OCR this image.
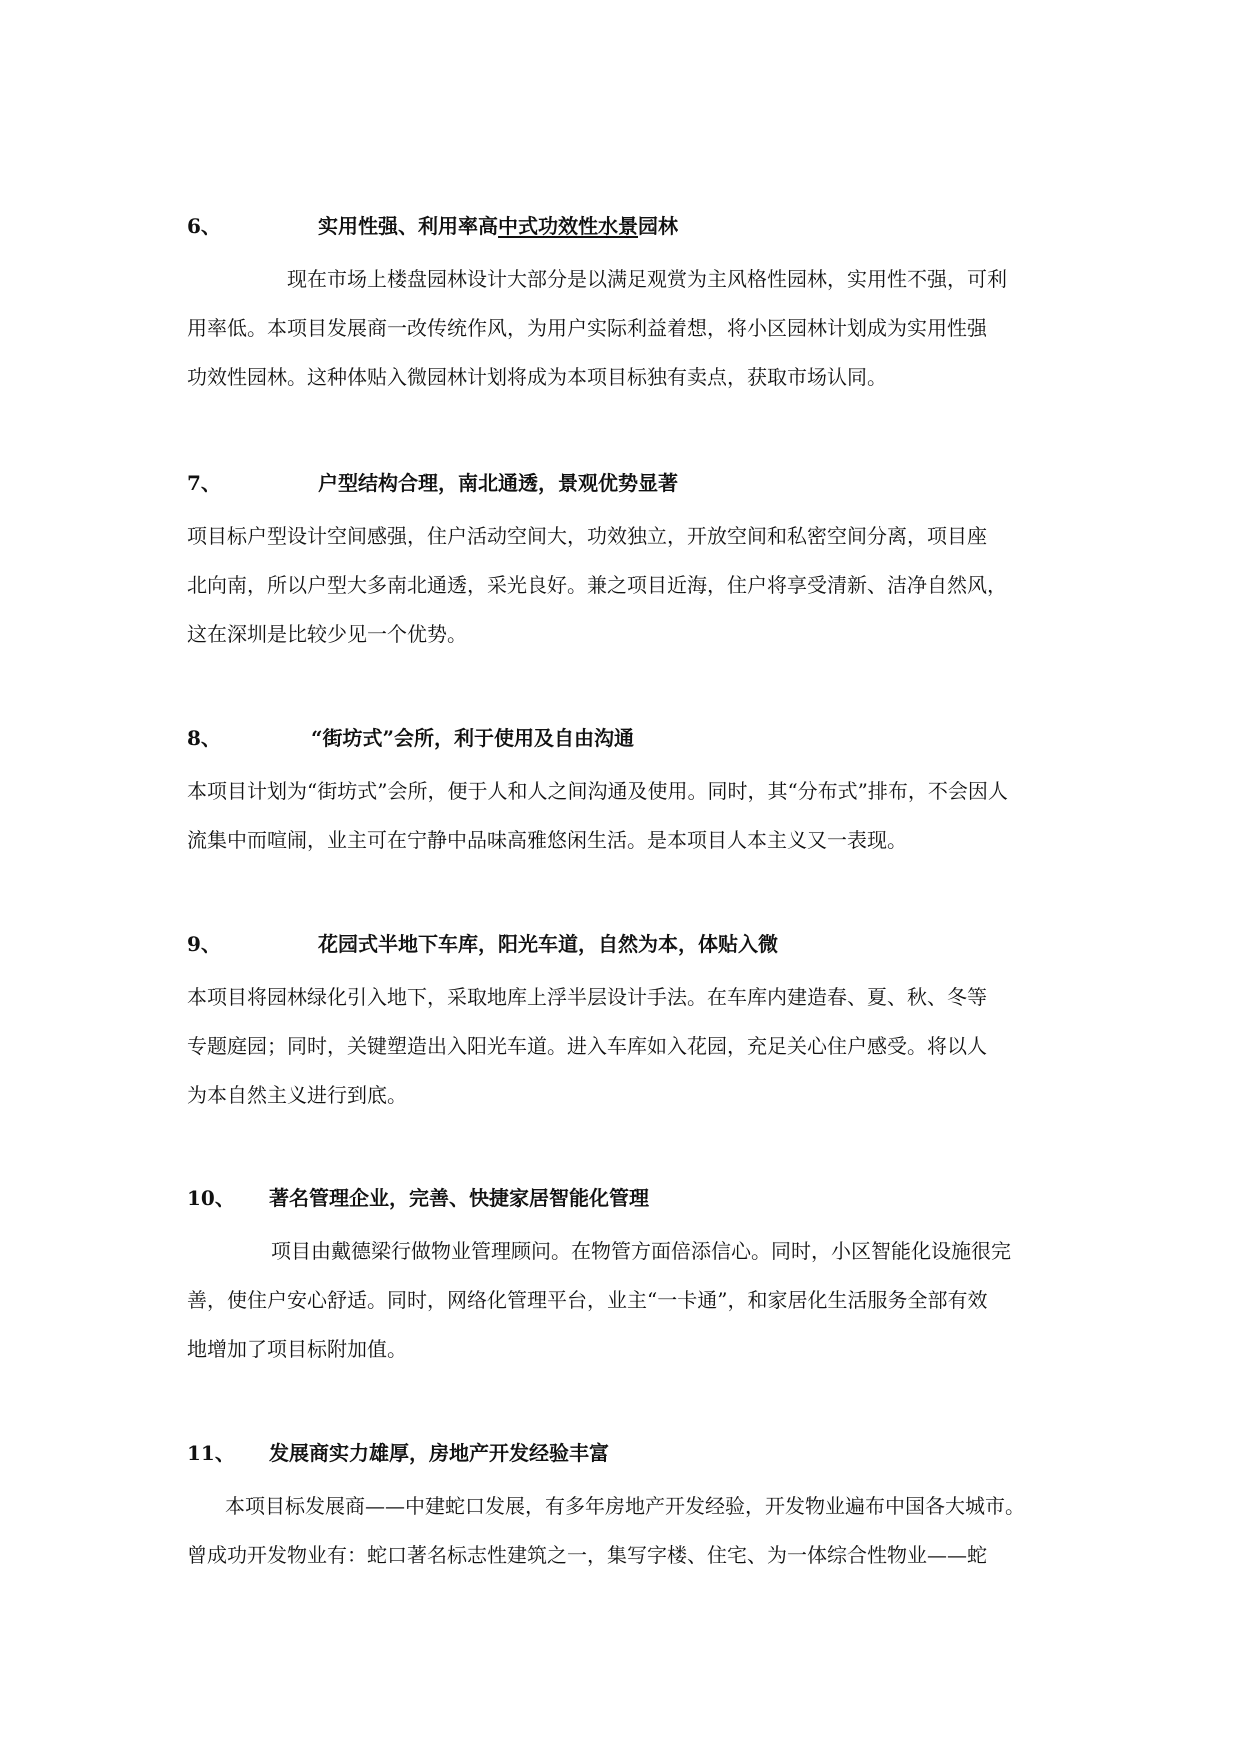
6、	实用性强、利用率高中式功效性水景园林
现在市场上楼盘园林设计大部分是以满足观赏为主风格性园林，实用性不强，可利
用率低。本项目发展商一改传统作风，为用户实际利益着想，将小区园林计划成为实用性强
功效性园林。这种体贴入微园林计划将成为本项目标独有卖点，获取市场认同。
7、	户型结构合理，南北通透，景观优势显著
项目标户型设计空间感强，住户活动空间大，功效独立，开放空间和私密空间分离，项目座
北向南，所以户型大多南北通透，采光良好。兼之项目近海，住户将享受清新、洁净自然风，
这在深圳是比较少见一个优势。
8、	“街坊式”会所，利于使用及自由沟通
本项目计划为“街坊式”会所，便于人和人之间沟通及使用。同时，其“分布式”排布，不会因人
流集中而喧闹，业主可在宁静中品味高雅悠闲生活。是本项目人本主义又一表现。
9、	花园式半地下车库，阳光车道，自然为本，体贴入微
本项目将园林绿化引入地下，采取地库上浮半层设计手法。在车库内建造春、夏、秋、冬等
专题庭园；同时，关键塑造出入阳光车道。进入车库如入花园，充足关心住户感受。将以人
为本自然主义进行到底。
10、 著名管理企业，完善、快捷家居智能化管理
项目由戴德梁行做物业管理顾问。在物管方面倍添信心。同时，小区智能化设施很完
善，使住户安心舒适。同时，网络化管理平台，业主“一卡通”，和家居化生活服务全部有效
地增加了项目标附加值。
11、 发展商实力雄厚，房地产开发经验丰富
本项目标发展商——中建蛇口发展，有多年房地产开发经验，开发物业遍布中国各大城市。
曾成功开发物业有：蛇口著名标志性建筑之一，集写字楼、住宅、为一体综合性物业——蛇
